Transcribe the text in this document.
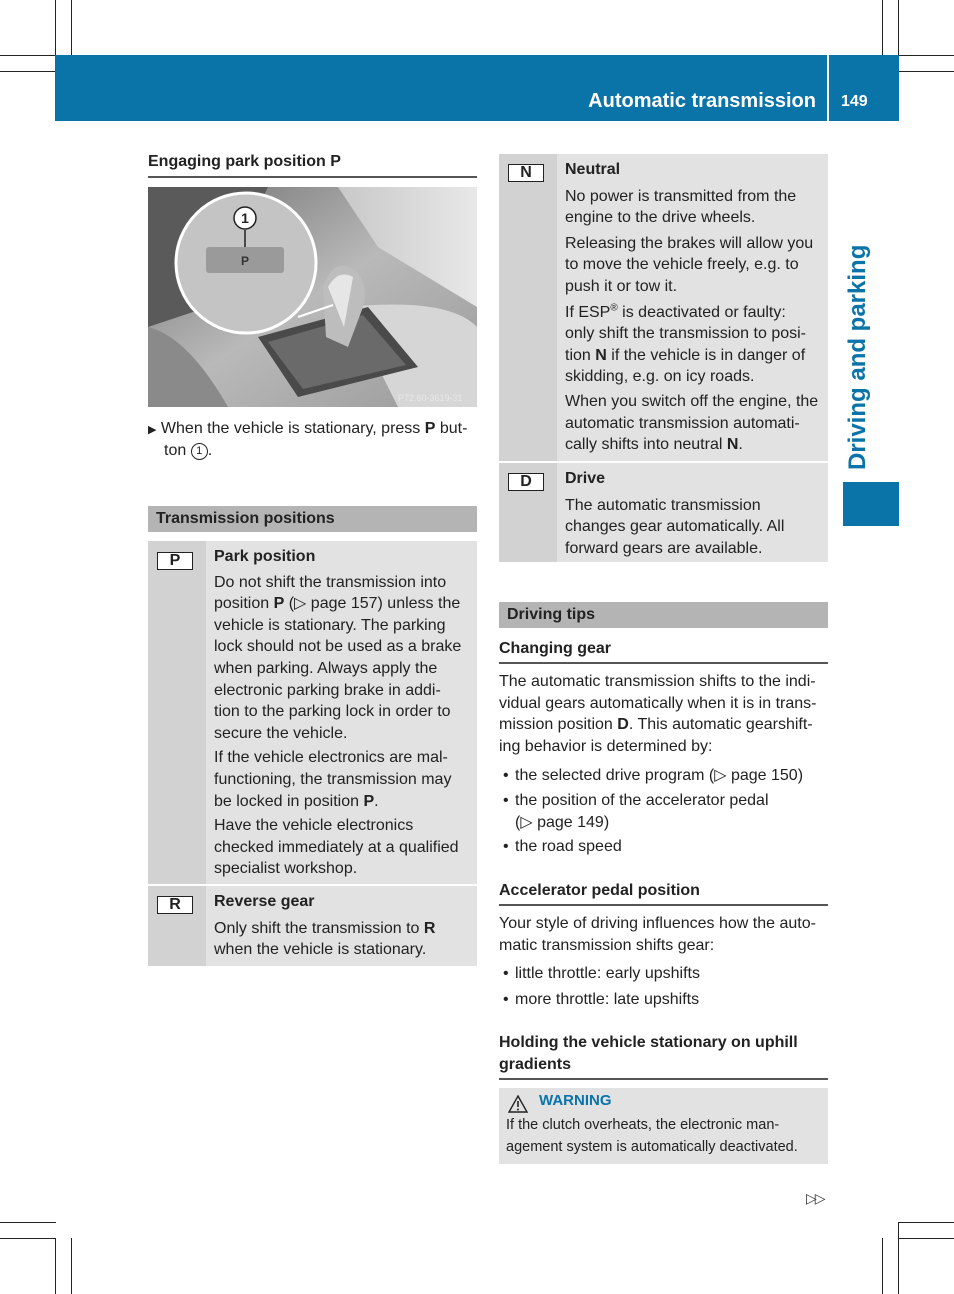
Automatic transmission 149
Driving and parking
Engaging park position P
1
P
P72.60-3619-31

▶ When the vehicle is stationary, press P but-

ton 1 .

Transmission positions
P	Park position
Do not shift the transmission into
position P (▷ page 157) unless the
vehicle is stationary. The parking
lock should not be used as a brake
when parking. Always apply the
electronic parking brake in addi-
tion to the parking lock in order to
secure the vehicle.
If the vehicle electronics are mal-
functioning, the transmission may
be locked in position P.
Have the vehicle electronics
checked immediately at a qualified
specialist workshop.
R	Reverse gear
Only shift the transmission to R
when the vehicle is stationary.
N	Neutral
No power is transmitted from the
engine to the drive wheels.
Releasing the brakes will allow you
to move the vehicle freely, e.g. to
push it or tow it.
If ESP® is deactivated or faulty:
only shift the transmission to posi-
tion N if the vehicle is in danger of
skidding, e.g. on icy roads.
When you switch off the engine, the
automatic transmission automati-
cally shifts into neutral N.
D	Drive
The automatic transmission
changes gear automatically. All
forward gears are available.
Driving tips
Changing gear
The automatic transmission shifts to the indi-
vidual gears automatically when it is in trans-
mission position D. This automatic gearshift-
ing behavior is determined by:
• the selected drive program (▷ page 150)
• the position of the accelerator pedal
(▷ page 149)
• the road speed
Accelerator pedal position
Your style of driving influences how the auto-
matic transmission shifts gear:
• little throttle: early upshifts
• more throttle: late upshifts
Holding the vehicle stationary on uphill
gradients
WARNING
If the clutch overheats, the electronic man-
agement system is automatically deactivated.
▷▷
